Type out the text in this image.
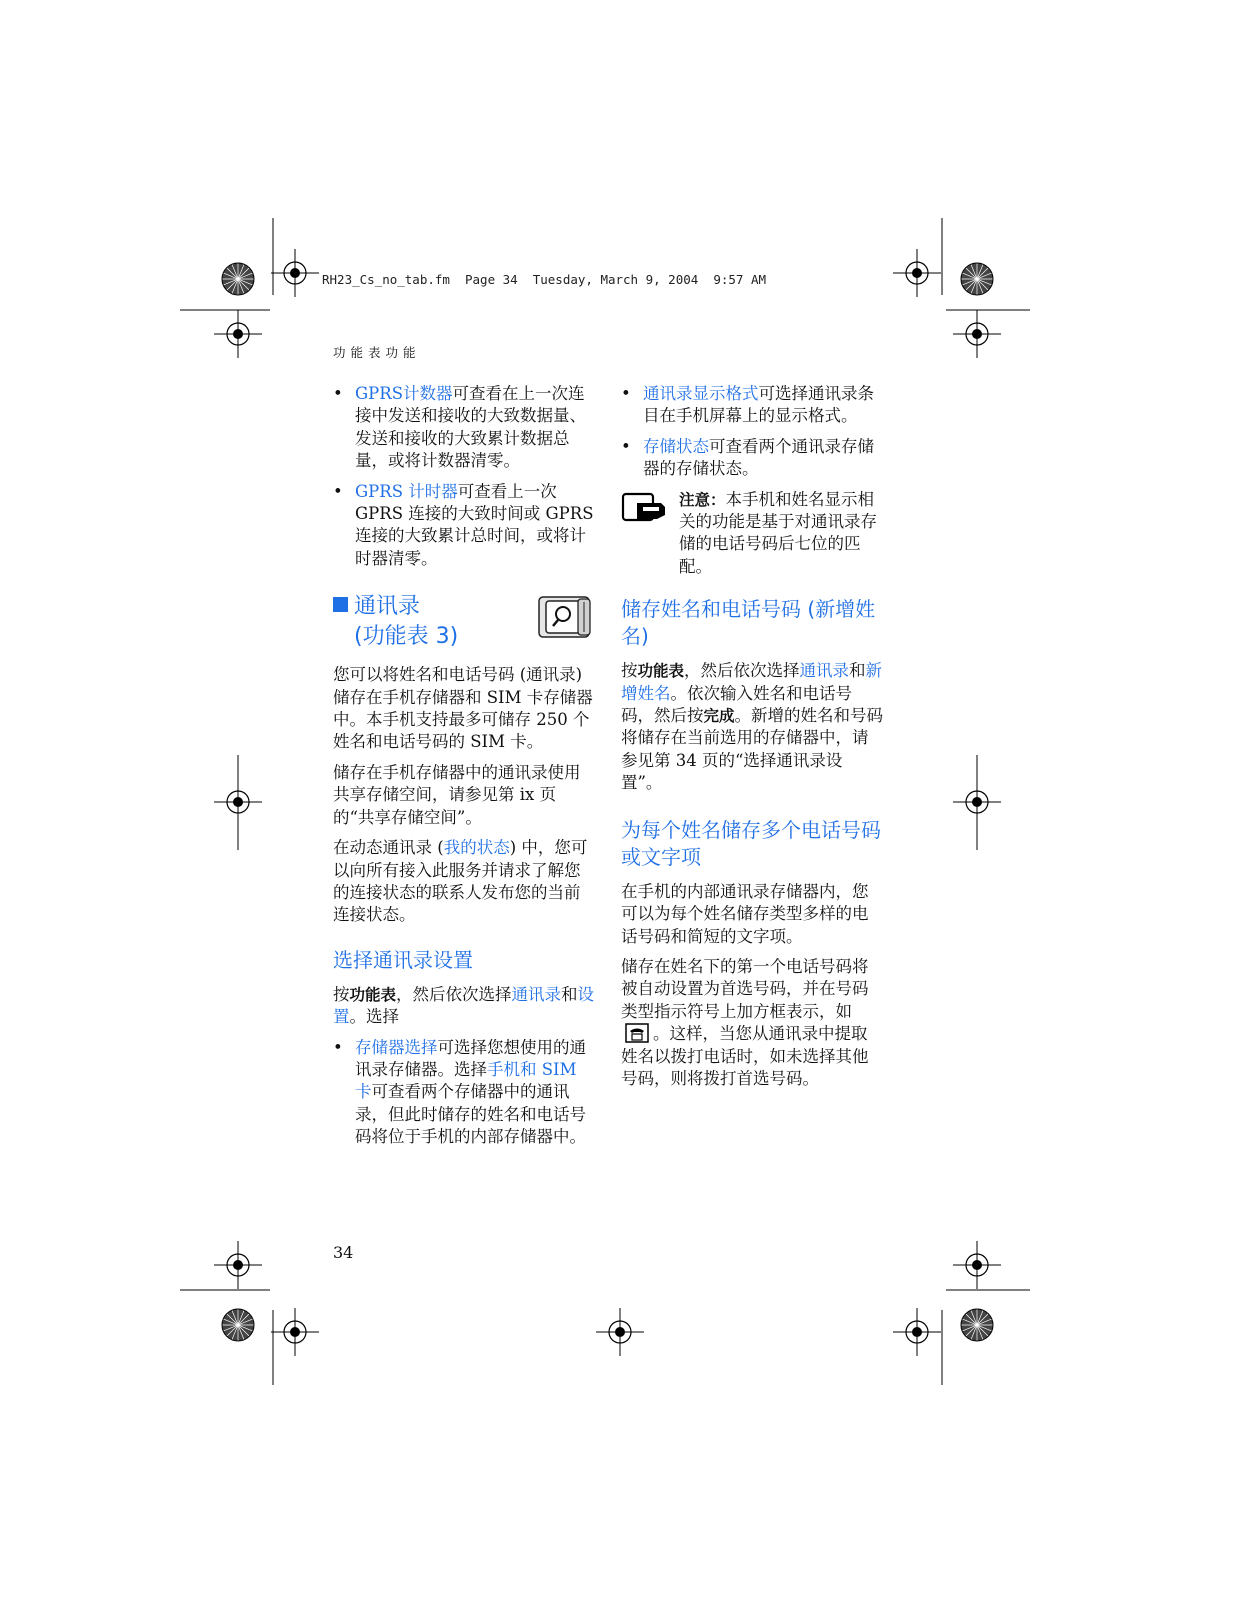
RH23_Cs_no_tab.fm  Page 34  Tuesday, March 9, 2004  9:57 AM
功能表功能
• GPRS计数器可查看在上一次连接中发送和接收的大致数据量、发送和接收的大致累计数据总量，或将计数器清零。
• GPRS 计时器可查看上一次 GPRS 连接的大致时间或 GPRS 连接的大致累计总时间，或将计时器清零。
通讯录
(功能表 3)

您可以将姓名和电话号码 (通讯录) 储存在手机存储器和 SIM 卡存储器中。本手机支持最多可储存 250 个姓名和电话号码的 SIM 卡。

储存在手机存储器中的通讯录使用共享存储空间，请参见第 ix 页的“共享存储空间”。

在动态通讯录 (我的状态) 中，您可以向所有接入此服务并请求了解您的连接状态的联系人发布您的当前连接状态。

选择通讯录设置

按功能表，然后依次选择通讯录和设置。选择

• 存储器选择可选择您想使用的通讯录存储器。选择手机和 SIM 卡可查看两个存储器中的通讯录，但此时储存的姓名和电话号码将位于手机的内部存储器中。
• 通讯录显示格式可选择通讯录条目在手机屏幕上的显示格式。
• 存储状态可查看两个通讯录存储器的存储状态。
注意：本手机和姓名显示相关的功能是基于对通讯录存储的电话号码后七位的匹配。
储存姓名和电话号码 (新增姓名)

按功能表，然后依次选择通讯录和新增姓名。依次输入姓名和电话号码，然后按完成。新增的姓名和号码将储存在当前选用的存储器中，请参见第 34 页的“选择通讯录设置”。

为每个姓名储存多个电话号码或文字项

在手机的内部通讯录存储器内，您可以为每个姓名储存类型多样的电话号码和简短的文字项。

储存在姓名下的第一个电话号码将被自动设置为首选号码，并在号码类型指示符号上加方框表示，如。这样，当您从通讯录中提取姓名以拨打电话时，如未选择其他号码，则将拨打首选号码。

34
